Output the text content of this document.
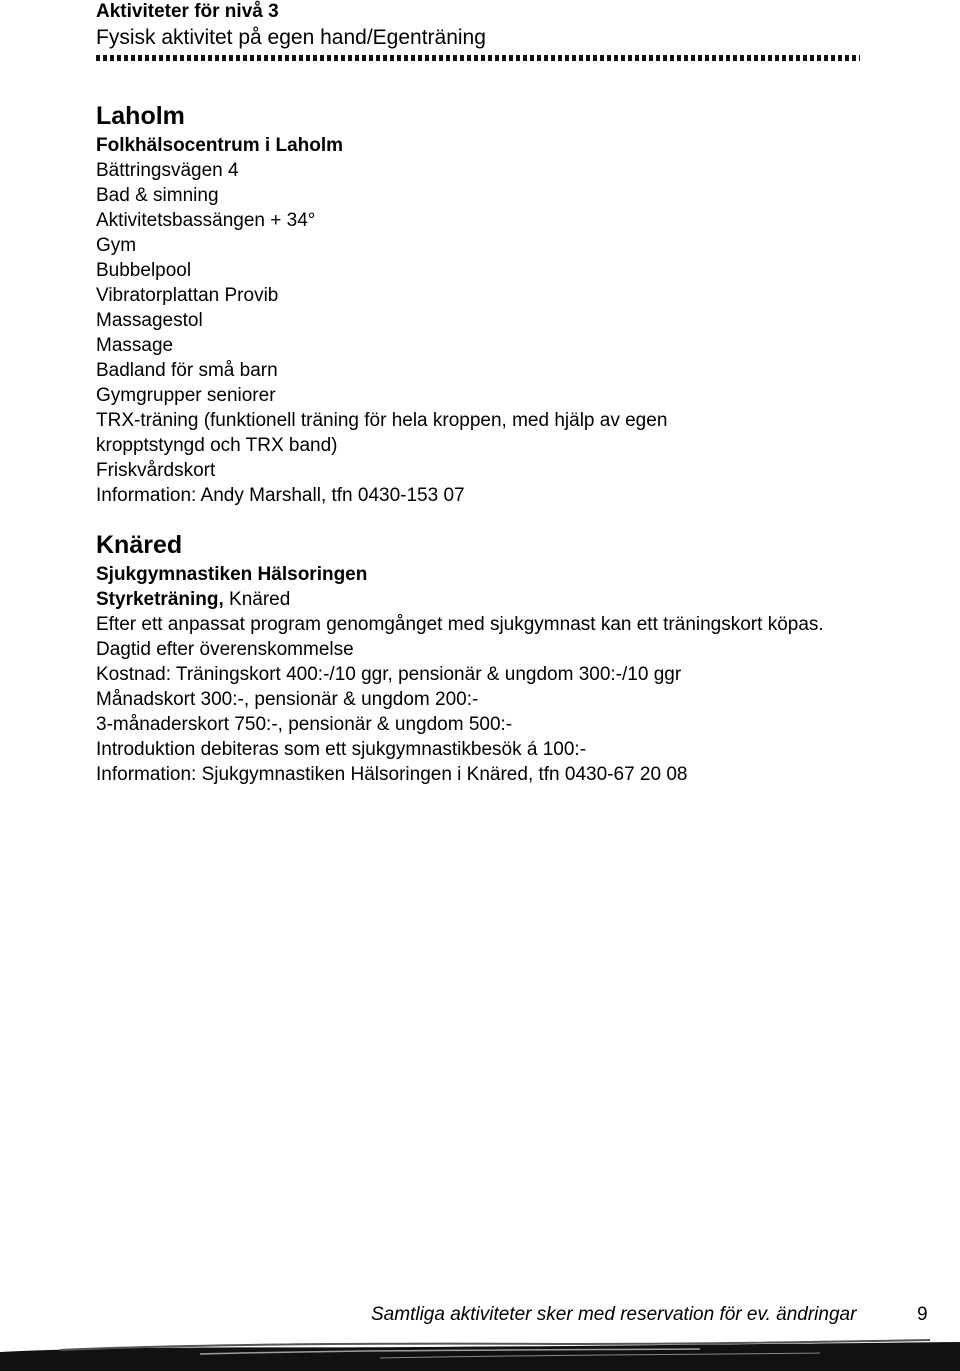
Aktiviteter för nivå 3
Fysisk aktivitet på egen hand/Egenträning
Laholm
Folkhälsocentrum i Laholm
Bättringsvägen 4
Bad & simning
Aktivitetsbassängen + 34°
Gym
Bubbelpool
Vibratorplattan Provib
Massagestol
Massage
Badland för små barn
Gymgrupper seniorer
TRX-träning (funktionell träning för hela kroppen, med hjälp av egen kropptstyngd och TRX band)
Friskvårdskort
Information: Andy Marshall, tfn 0430-153 07
Knäred
Sjukgymnastiken Hälsoringen
Styrketräning, Knäred
Efter ett anpassat program genomgånget med sjukgymnast kan ett träningskort köpas.
Dagtid efter överenskommelse
Kostnad: Träningskort 400:-/10 ggr, pensionär & ungdom 300:-/10 ggr
Månadskort 300:-, pensionär & ungdom 200:-
3-månaderskort 750:-, pensionär & ungdom 500:-
Introduktion debiteras som ett sjukgymnastikbesök á 100:-
Information: Sjukgymnastiken Hälsoringen i Knäred, tfn 0430-67 20 08
Samtliga aktiviteter sker med reservation för ev. ändringar	9
